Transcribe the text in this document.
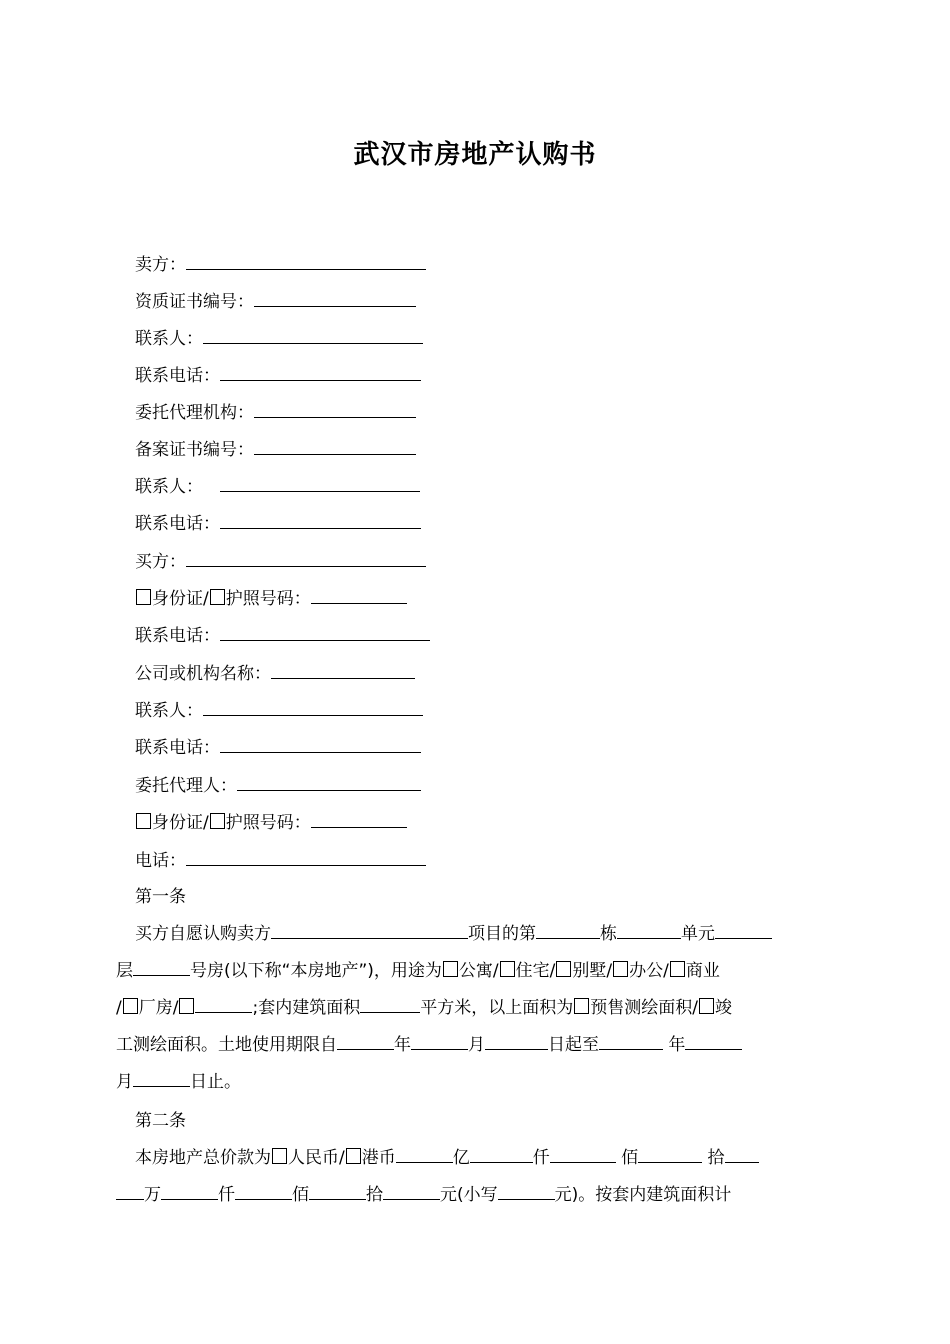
武汉市房地产认购书
卖方：
资质证书编号：
联系人：
联系电话：
委托代理机构：
备案证书编号：
联系人：
联系电话：
买方：
身份证/ 护照号码：
联系电话：
公司或机构名称：
联系人：
联系电话：
委托代理人：
身份证/ 护照号码：
电话：
第一条
买方自愿认购卖方	项目的第	栋	单元
层	号房(以下称“本房地产”)，用途为 公寓/ 住宅/ 别墅/ 办公/ 商业
/ 厂房/	;套内建筑面积	平方米，以上面积为 预售测绘面积/ 竣
工测绘面积。土地使用期限自	年	月	日起至	年
月	日止。
第二条
本房地产总价款为 人民币/ 港币	亿	仟	佰	拾
万	仟	佰	拾	元(小写	元)。按套内建筑面积计
